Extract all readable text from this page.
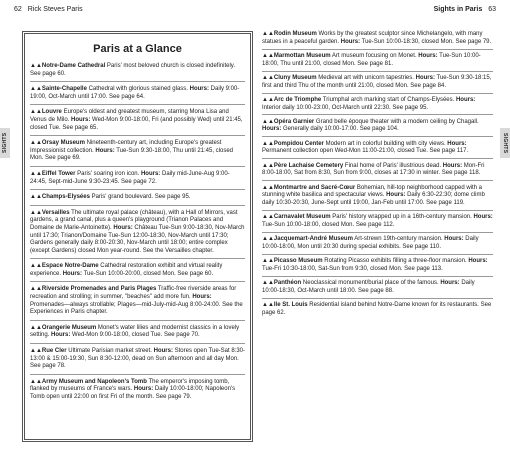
62 Rick Steves Paris	Sights in Paris 63
SIGHTS	SIGHTS
Paris at a Glance
▲▲Notre-Dame Cathedral Paris' most beloved church is closed indefinitely. See page 60.
▲▲Sainte-Chapelle Cathedral with glorious stained glass. Hours: Daily 9:00-19:00, Oct-March until 17:00. See page 64.
▲▲Louvre Europe's oldest and greatest museum, starring Mona Lisa and Venus de Milo. Hours: Wed-Mon 9:00-18:00, Fri (and possibly Wed) until 21:45, closed Tue. See page 65.
▲▲Orsay Museum Nineteenth-century art, including Europe's greatest Impressionist collection. Hours: Tue-Sun 9:30-18:00, Thu until 21:45, closed Mon. See page 69.
▲▲Eiffel Tower Paris' soaring iron icon. Hours: Daily mid-June-Aug 9:00-24:45, Sept-mid-June 9:30-23:45. See page 72.
▲▲Champs-Elysées Paris' grand boulevard. See page 95.
▲▲Versailles The ultimate royal palace (château), with a Hall of Mirrors, vast gardens, a grand canal, plus a queen's playground (Trianon Palaces and Domaine de Marie-Antoinette). Hours: Château Tue-Sun 9:00-18:30, Nov-March until 17:30; Trianon/Domaine Tue-Sun 12:00-18:30, Nov-March until 17:30; Gardens generally daily 8:00-20:30, Nov-March until 18:00; entire complex (except Gardens) closed Mon year-round. See the Versailles chapter.
▲▲Espace Notre-Dame Cathedral restoration exhibit and virtual reality experience. Hours: Tue-Sun 10:00-20:00, closed Mon. See page 60.
▲▲Riverside Promenades and Paris Plages Traffic-free riverside areas for recreation and strolling; in summer, "beaches" add more fun. Hours: Promenades—always strollable; Plages—mid-July-mid-Aug 8:00-24:00. See the Experiences in Paris chapter.
▲▲Orangerie Museum Monet's water lilies and modernist classics in a lovely setting. Hours: Wed-Mon 9:00-18:00, closed Tue. See page 70.
▲▲Rue Cler Ultimate Parisian market street. Hours: Stores open Tue-Sat 8:30-13:00 & 15:00-19:30, Sun 8:30-12:00, dead on Sun afternoon and all day Mon. See page 78.
▲▲Army Museum and Napoleon's Tomb The emperor's imposing tomb, flanked by museums of France's wars. Hours: Daily 10:00-18:00; Napoleon's Tomb open until 22:00 on first Fri of the month. See page 79.
▲▲Rodin Museum Works by the greatest sculptor since Michelangelo, with many statues in a peaceful garden. Hours: Tue-Sun 10:00-18:30, closed Mon. See page 79.
▲▲Marmottan Museum Art museum focusing on Monet. Hours: Tue-Sun 10:00-18:00, Thu until 21:00, closed Mon. See page 81.
▲▲Cluny Museum Medieval art with unicorn tapestries. Hours: Tue-Sun 9:30-18:15, first and third Thu of the month until 21:00, closed Mon. See page 84.
▲▲Arc de Triomphe Triumphal arch marking start of Champs-Elysées. Hours: Interior daily 10:00-23:00, Oct-March until 22:30. See page 95.
▲▲Opéra Garnier Grand belle époque theater with a modern ceiling by Chagall. Hours: Generally daily 10:00-17:00. See page 104.
▲▲Pompidou Center Modern art in colorful building with city views. Hours: Permanent collection open Wed-Mon 11:00-21:00, closed Tue. See page 117.
▲▲Père Lachaise Cemetery Final home of Paris' illustrious dead. Hours: Mon-Fri 8:00-18:00, Sat from 8:30, Sun from 9:00, closes at 17:30 in winter. See page 118.
▲▲Montmartre and Sacré-Cœur Bohemian, hill-top neighborhood capped with a stunning white basilica and spectacular views. Hours: Daily 6:30-22:30; dome climb daily 10:30-20:30, June-Sept until 19:00, Jan-Feb until 17:00. See page 119.
▲▲Carnavalet Museum Paris' history wrapped up in a 16th-century mansion. Hours: Tue-Sun 10:00-18:00, closed Mon. See page 112.
▲▲Jacquemart-André Museum Art-strewn 19th-century mansion. Hours: Daily 10:00-18:00, Mon until 20:30 during special exhibits. See page 110.
▲▲Picasso Museum Rotating Picasso exhibits filling a three-floor mansion. Hours: Tue-Fri 10:30-18:00, Sat-Sun from 9:30, closed Mon. See page 113.
▲▲Panthéon Neoclassical monument/burial place of the famous. Hours: Daily 10:00-18:30, Oct-March until 18:00. See page 88.
▲▲Ile St. Louis Residential island behind Notre-Dame known for its restaurants. See page 62.
